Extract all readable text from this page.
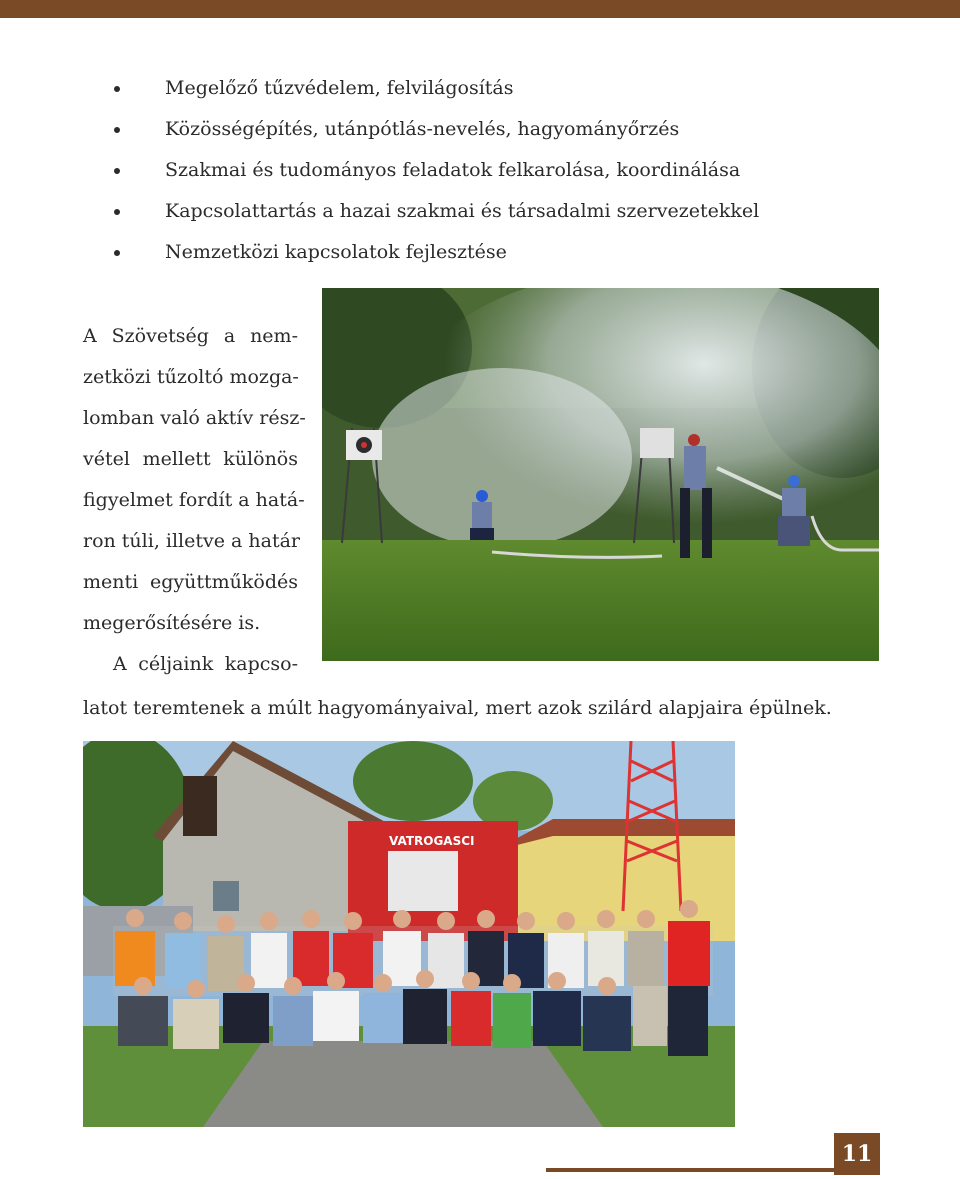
Megelőző tűzvédelem, felvilágosítás
Közösségépítés, utánpótlás-nevelés, hagyományőrzés
Szakmai és tudományos feladatok felkarolása, koordinálása
Kapcsolattartás a hazai szakmai és társadalmi szervezetekkel
Nemzetközi kapcsolatok fejlesztése
A Szövetség a nem-
zetközi tűzoltó mozga-
lomban való aktív rész-
vétel mellett különös
figyelmet fordít a hatá-
ron túli, illetve a határ
menti együttműködés
megerősítésére is.
A céljaink kapcso-
latot teremtenek a múlt hagyományaival, mert azok szilárd alapjaira épülnek.
VATROGASCI
11
